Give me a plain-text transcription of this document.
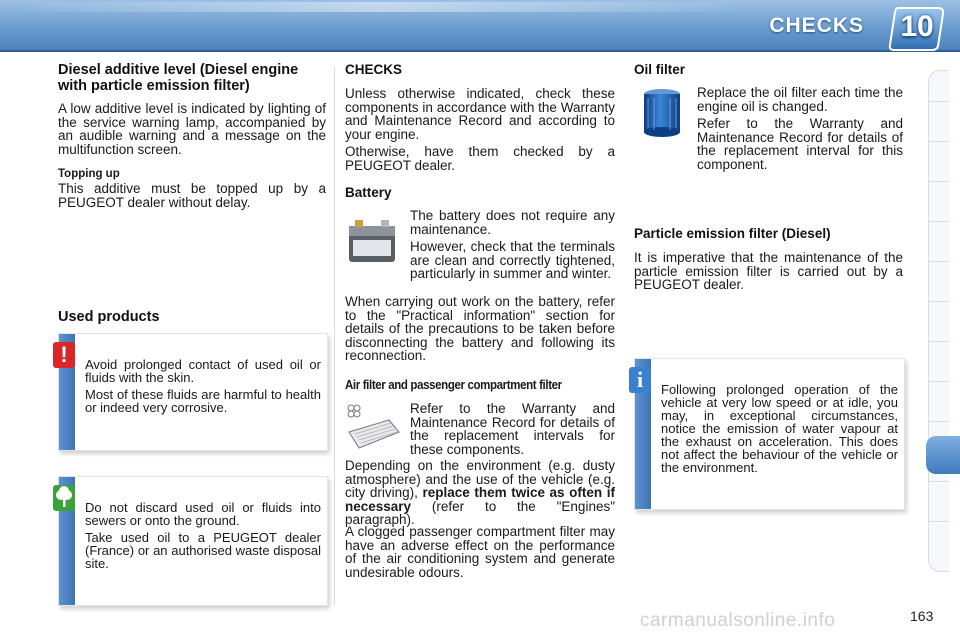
CHECKS 10
Diesel additive level (Diesel engine with particle emission filter)

A low additive level is indicated by lighting of the service warning lamp, accompanied by an audible warning and a message on the multifunction screen.

Topping up

This additive must be topped up by a PEUGEOT dealer without delay.

Used products
!	Avoid prolonged contact of used oil or fluids with the skin.

Most of these fluids are harmful to health or indeed very corrosive.

Do not discard used oil or fluids into sewers or onto the ground.

Take used oil to a PEUGEOT dealer (France) or an authorised waste disposal site.

CHECKS

Unless otherwise indicated, check these components in accordance with the Warranty and Maintenance Record and according to your engine.

Otherwise, have them checked by a PEUGEOT dealer.

Battery

The battery does not require any maintenance.

However, check that the terminals are clean and correctly tightened, particularly in summer and winter.

When carrying out work on the battery, refer to the "Practical information" section for details of the precautions to be taken before disconnecting the battery and following its reconnection.

Air filter and passenger compartment filter

Refer to the Warranty and Maintenance Record for details of the replacement intervals for these components.

Depending on the environment (e.g. dusty atmosphere) and the use of the vehicle (e.g. city driving), replace them twice as often if necessary (refer to the "Engines" paragraph).

A clogged passenger compartment filter may have an adverse effect on the performance of the air conditioning system and generate undesirable odours.

Oil filter

Replace the oil filter each time the engine oil is changed.

Refer to the Warranty and Maintenance Record for details of the replacement interval for this component.

Particle emission filter (Diesel)

It is imperative that the maintenance of the particle emission filter is carried out by a PEUGEOT dealer.

i	Following prolonged operation of the vehicle at very low speed or at idle, you may, in exceptional circumstances, notice the emission of water vapour at the exhaust on acceleration. This does not affect the behaviour of the vehicle or the environment.

carmanualsonline.info	163
